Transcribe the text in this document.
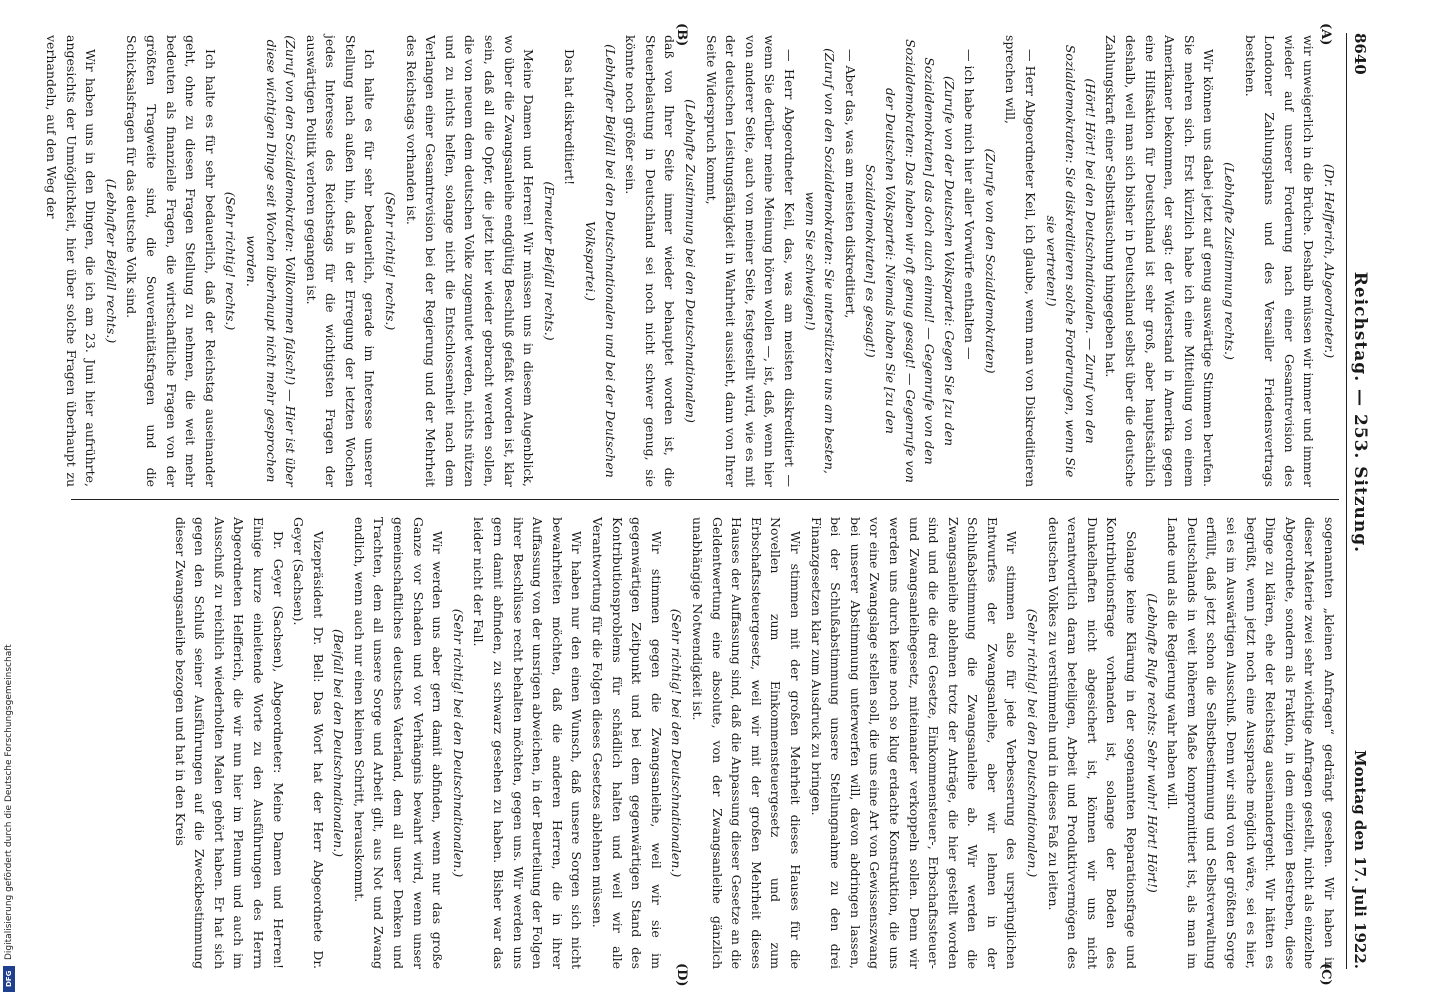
Digitalisierung gefördert durch die Deutsche Forschungsgemeinschaft
DFG
8640
Reichstag. — 253. Sitzung.
Montag den 17. Juli 1922.
(A)
(B)
(C)
(D)

(Dr. Helfferich, Abgeordneter.)

wir unweigerlich in die Brüche. Deshalb müssen wir immer und immer wieder auf unserer Forderung nach einer Gesamtrevision des Londoner Zahlungsplans und des Versailler Friedensvertrags bestehen.

(Lebhafte Zustimmung rechts.)

Wir können uns dabei jetzt auf genug auswärtige Stimmen berufen. Sie mehren sich. Erst kürzlich habe ich eine Mitteilung von einem Amerikaner bekommen, der sagt: der Widerstand in Amerika gegen eine Hilfsaktion für Deutschland ist sehr groß, aber hauptsächlich deshalb, weil man sich bisher in Deutschland selbst über die deutsche Zahlungskraft einer Selbsttäuschung hingegeben hat.

(Hört! Hört! bei den Deutschnationalen. — Zuruf von den Sozialdemokraten: Sie diskreditieren solche Forderungen, wenn Sie sie vertreten!)

— Herr Abgeordneter Keil, ich glaube, wenn man von Diskreditieren sprechen will,

(Zurufe von den Sozialdemokraten)

— ich habe mich hier aller Vorwürfe enthalten —

(Zurufe von der Deutschen Volkspartei: Gegen Sie [zu den Sozialdemokraten] das doch auch einmal! — Gegenrufe von den Sozialdemokraten: Das haben wir oft genug gesagt! — Gegenrufe von der Deutschen Volkspartei: Niemals haben Sie [zu den Sozialdemokraten] es gesagt!)

— Aber das, was am meisten diskreditiert,

(Zuruf von den Sozialdemokraten: Sie unterstützen uns am besten, wenn Sie schweigen!)

— Herr Abgeordneter Keil, das, was am meisten diskreditiert — wenn Sie derüber meine Meinung hören wollen —, ist, daß, wenn hier von anderer Seite, auch von meiner Seite, festgestellt wird, wie es mit der deutschen Leistungsfähigkeit in Wahrheit aussieht, dann von Ihrer Seite Widerspruch kommt,

(Lebhafte Zustimmung bei den Deutschnationalen)

daß von Ihrer Seite immer wieder behauptet worden ist, die Steuerbelastung in Deutschland sei noch nicht schwer genug, sie könnte noch größer sein.

(Lebhafter Beifall bei den Deutschnationalen und bei der Deutschen Volkspartei.)

Das hat diskreditiert!

(Erneuter Beifall rechts.)

Meine Damen und Herren! Wir müssen uns in diesem Augenblick, wo über die Zwangsanleihe endgültig Beschluß gefaßt worden ist, klar sein, daß all die Opfer, die jetzt hier wieder gebracht werden sollen, die von neuem dem deutschen Volke zugemutet werden, nichts nützen und zu nichts helfen, solange nicht die Entschlossenheit nach dem Verlangen einer Gesamtrevision bei der Regierung und der Mehrheit des Reichstags vorhanden ist.

(Sehr richtig! rechts.)

Ich halte es für sehr bedauerlich, gerade im Interesse unserer Stellung nach außen hin, daß in der Erregung der letzten Wochen jedes Interesse des Reichstags für die wichtigsten Fragen der auswärtigen Politik verloren gegangen ist.

(Zuruf von den Sozialdemokraten: Vollkommen falsch!) — Hier ist über diese wichtigen Dinge seit Wochen überhaupt nicht mehr gesprochen worden.

(Sehr richtig! rechts.)

Ich halte es für sehr bedauerlich, daß der Reichstag auseinander geht, ohne zu diesen Fragen Stellung zu nehmen, die weit mehr bedeuten als finanzielle Fragen, die wirtschaftliche Fragen von der größten Tragweite sind, die Souveränitätsfragen und die Schicksalsfragen für das deutsche Volk sind.

(Lebhafter Beifall rechts.)

Wir haben uns in den Dingen, die ich am 23. Juni hier aufrührte, angesichts der Unmöglichkeit, hier über solche Fragen überhaupt zu verhandeln, auf den Weg der

sogenannten „kleinen Anfragen“ gedrängt gesehen. Wir haben in dieser Materie zwei sehr wichtige Anfragen gestellt, nicht als einzelne Abgeordnete, sondern als Fraktion, in dem einzigen Bestreben, diese Dinge zu klären, ehe der Reichstag auseinandergeht. Wir hätten es begrüßt, wenn jetzt noch eine Aussprache möglich wäre, sei es hier, sei es im Auswärtigen Ausschuß. Denn wir sind von der größten Sorge erfüllt, daß jetzt schon die Selbstbestimmung und Selbstverwaltung Deutschlands in weit höherem Maße kompromittiert ist, als man im Lande und als die Regierung wahr haben will.

(Lebhafte Rufe rechts: Sehr wahr! Hört! Hört!)

Solange keine Klärung in der sogenannten Reparationsfrage und Kontributionsfrage vorhanden ist, solange der Boden des Dunkelhaften nicht abgesichert ist, können wir uns nicht verantwortlich daran beteiligen, Arbeit und Produktivvermögen des deutschen Volkes zu verstümmeln und in dieses Faß zu leiten.

(Sehr richtig! bei den Deutschnationalen.)

Wir stimmen also für jede Verbesserung des ursprünglichen Entwurfes der Zwangsanleihe, aber wir lehnen in der Schlußabstimmung die Zwangsanleihe ab. Wir werden die Zwangsanleihe ablehnen trotz der Anträge, die hier gestellt worden sind und die die drei Gesetze, Einkommensteuer-, Erbschaftssteuer- und Zwangsanleihegesetz, miteinander verkoppeln sollen. Denn wir werden uns durch keine noch so klug erdachte Konstruktion, die uns vor eine Zwangslage stellen soll, die uns eine Art von Gewissenszwang bei unserer Abstimmung unterwerfen will, davon abdringen lassen, bei der Schlußabstimmung unsere Stellungnahme zu den drei Finanzgesetzen klar zum Ausdruck zu bringen.

Wir stimmen mit der großen Mehrheit dieses Hauses für die Novellen zum Einkommensteuergesetz und zum Erbschaftssteuergesetz, weil wir mit der großen Mehrheit dieses Hauses der Auffassung sind, daß die Anpassung dieser Gesetze an die Geldentwertung eine absolute, von der Zwangsanleihe gänzlich unabhängige Notwendigkeit ist.

(Sehr richtig! bei den Deutschnationalen.)

Wir stimmen gegen die Zwangsanleihe, weil wir sie im gegenwärtigen Zeitpunkt und bei dem gegenwärtigen Stand des Kontributionsproblems für schädlich halten und weil wir alle Verantwortung für die Folgen dieses Gesetzes ablehnen müssen.

Wir haben nur den einen Wunsch, daß unsere Sorgen sich nicht bewahrheiten möchten, daß die anderen Herren, die in ihrer Auffassung von der unsrigen abweichen, in der Beurteilung der Folgen ihrer Beschlüsse recht behalten möchten, gegen uns. Wir werden uns gern damit abfinden, zu schwarz gesehen zu haben. Bisher war das leider nicht der Fall.

(Sehr richtig! bei den Deutschnationalen.)

Wir werden uns aber gern damit abfinden, wenn nur das große Ganze vor Schaden und vor Verhängnis bewahrt wird, wenn unser gemeinschaftliches deutsches Vaterland, dem all unser Denken und Trachten, dem all unsere Sorge und Arbeit gilt, aus Not und Zwang endlich, wenn auch nur einen kleinen Schritt, herauskommt.

(Beifall bei den Deutschnationalen.)

Vizepräsident Dr. Bell: Das Wort hat der Herr Abgeordnete Dr. Geyer (Sachsen).

Dr. Geyer (Sachsen), Abgeordneter: Meine Damen und Herren! Einige kurze einleitende Worte zu den Ausführungen des Herrn Abgeordneten Helfferich, die wir nun hier im Plenum und auch im Ausschuß zu reichlich wiederholten Malen gehört haben. Er hat sich gegen den Schluß seiner Ausführungen auf die Zweckbestimmung dieser Zwangsanleihe bezogen und hat in den Kreis
